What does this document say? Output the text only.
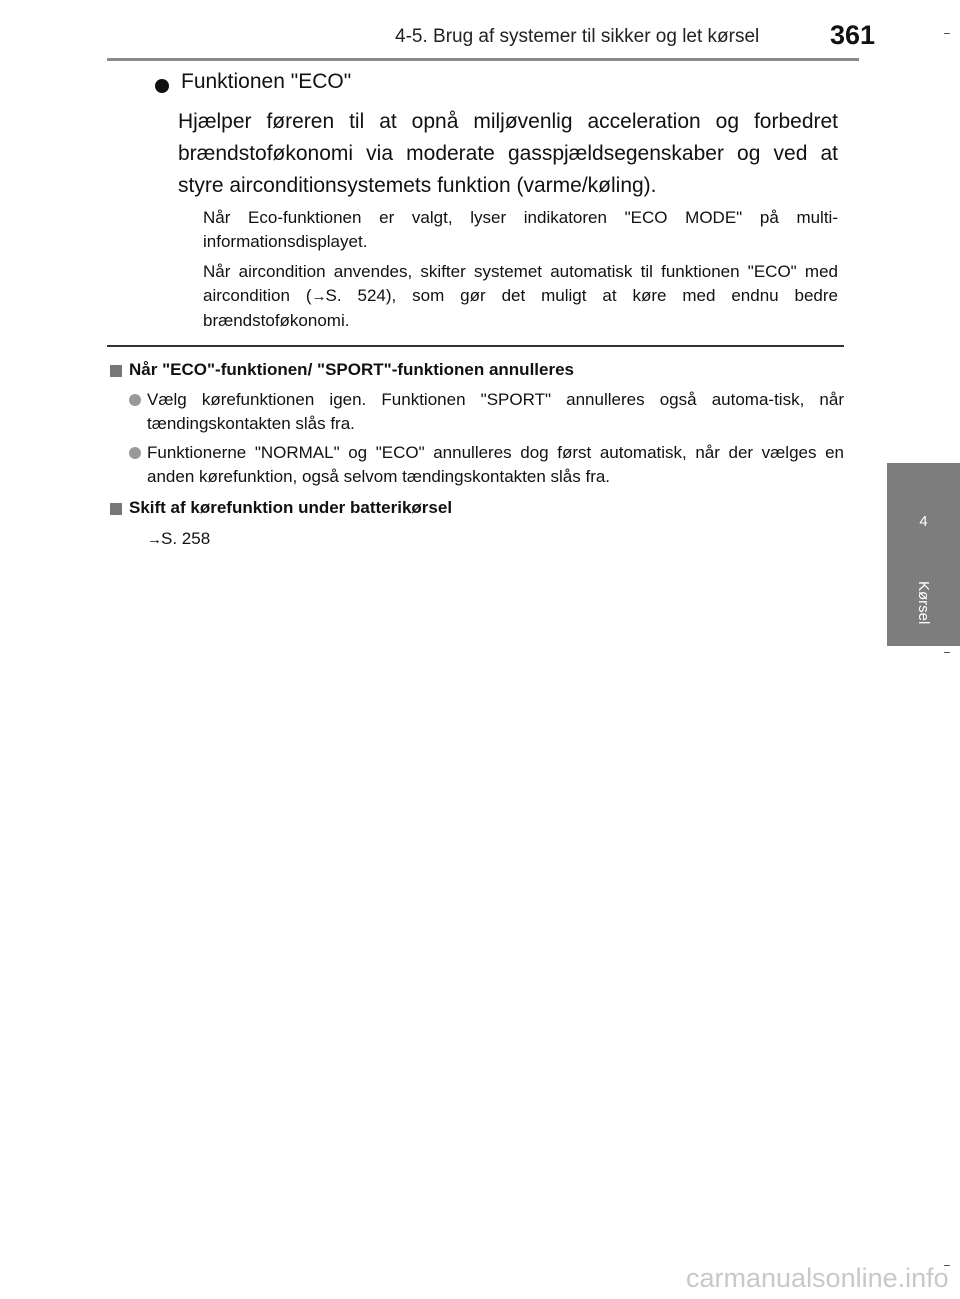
4-5. Brug af systemer til sikker og let kørsel	361
4
Kørsel
Funktionen "ECO"

Hjælper føreren til at opnå miljøvenlig acceleration og forbedret brændstoføkonomi via moderate gasspjældsegenskaber og ved at styre airconditionsystemets funktion (varme/køling).

Når Eco-funktionen er valgt, lyser indikatoren "ECO MODE" på multi-informationsdisplayet.

Når aircondition anvendes, skifter systemet automatisk til funktionen "ECO" med aircondition (→S. 524), som gør det muligt at køre med endnu bedre brændstoføkonomi.

Når "ECO"-funktionen/ "SPORT"-funktionen annulleres

Vælg kørefunktionen igen. Funktionen "SPORT" annulleres også automa-tisk, når tændingskontakten slås fra.

Funktionerne "NORMAL" og "ECO" annulleres dog først automatisk, når der vælges en anden kørefunktion, også selvom tændingskontakten slås fra.

Skift af kørefunktion under batterikørsel
→S. 258
carmanualsonline.info
